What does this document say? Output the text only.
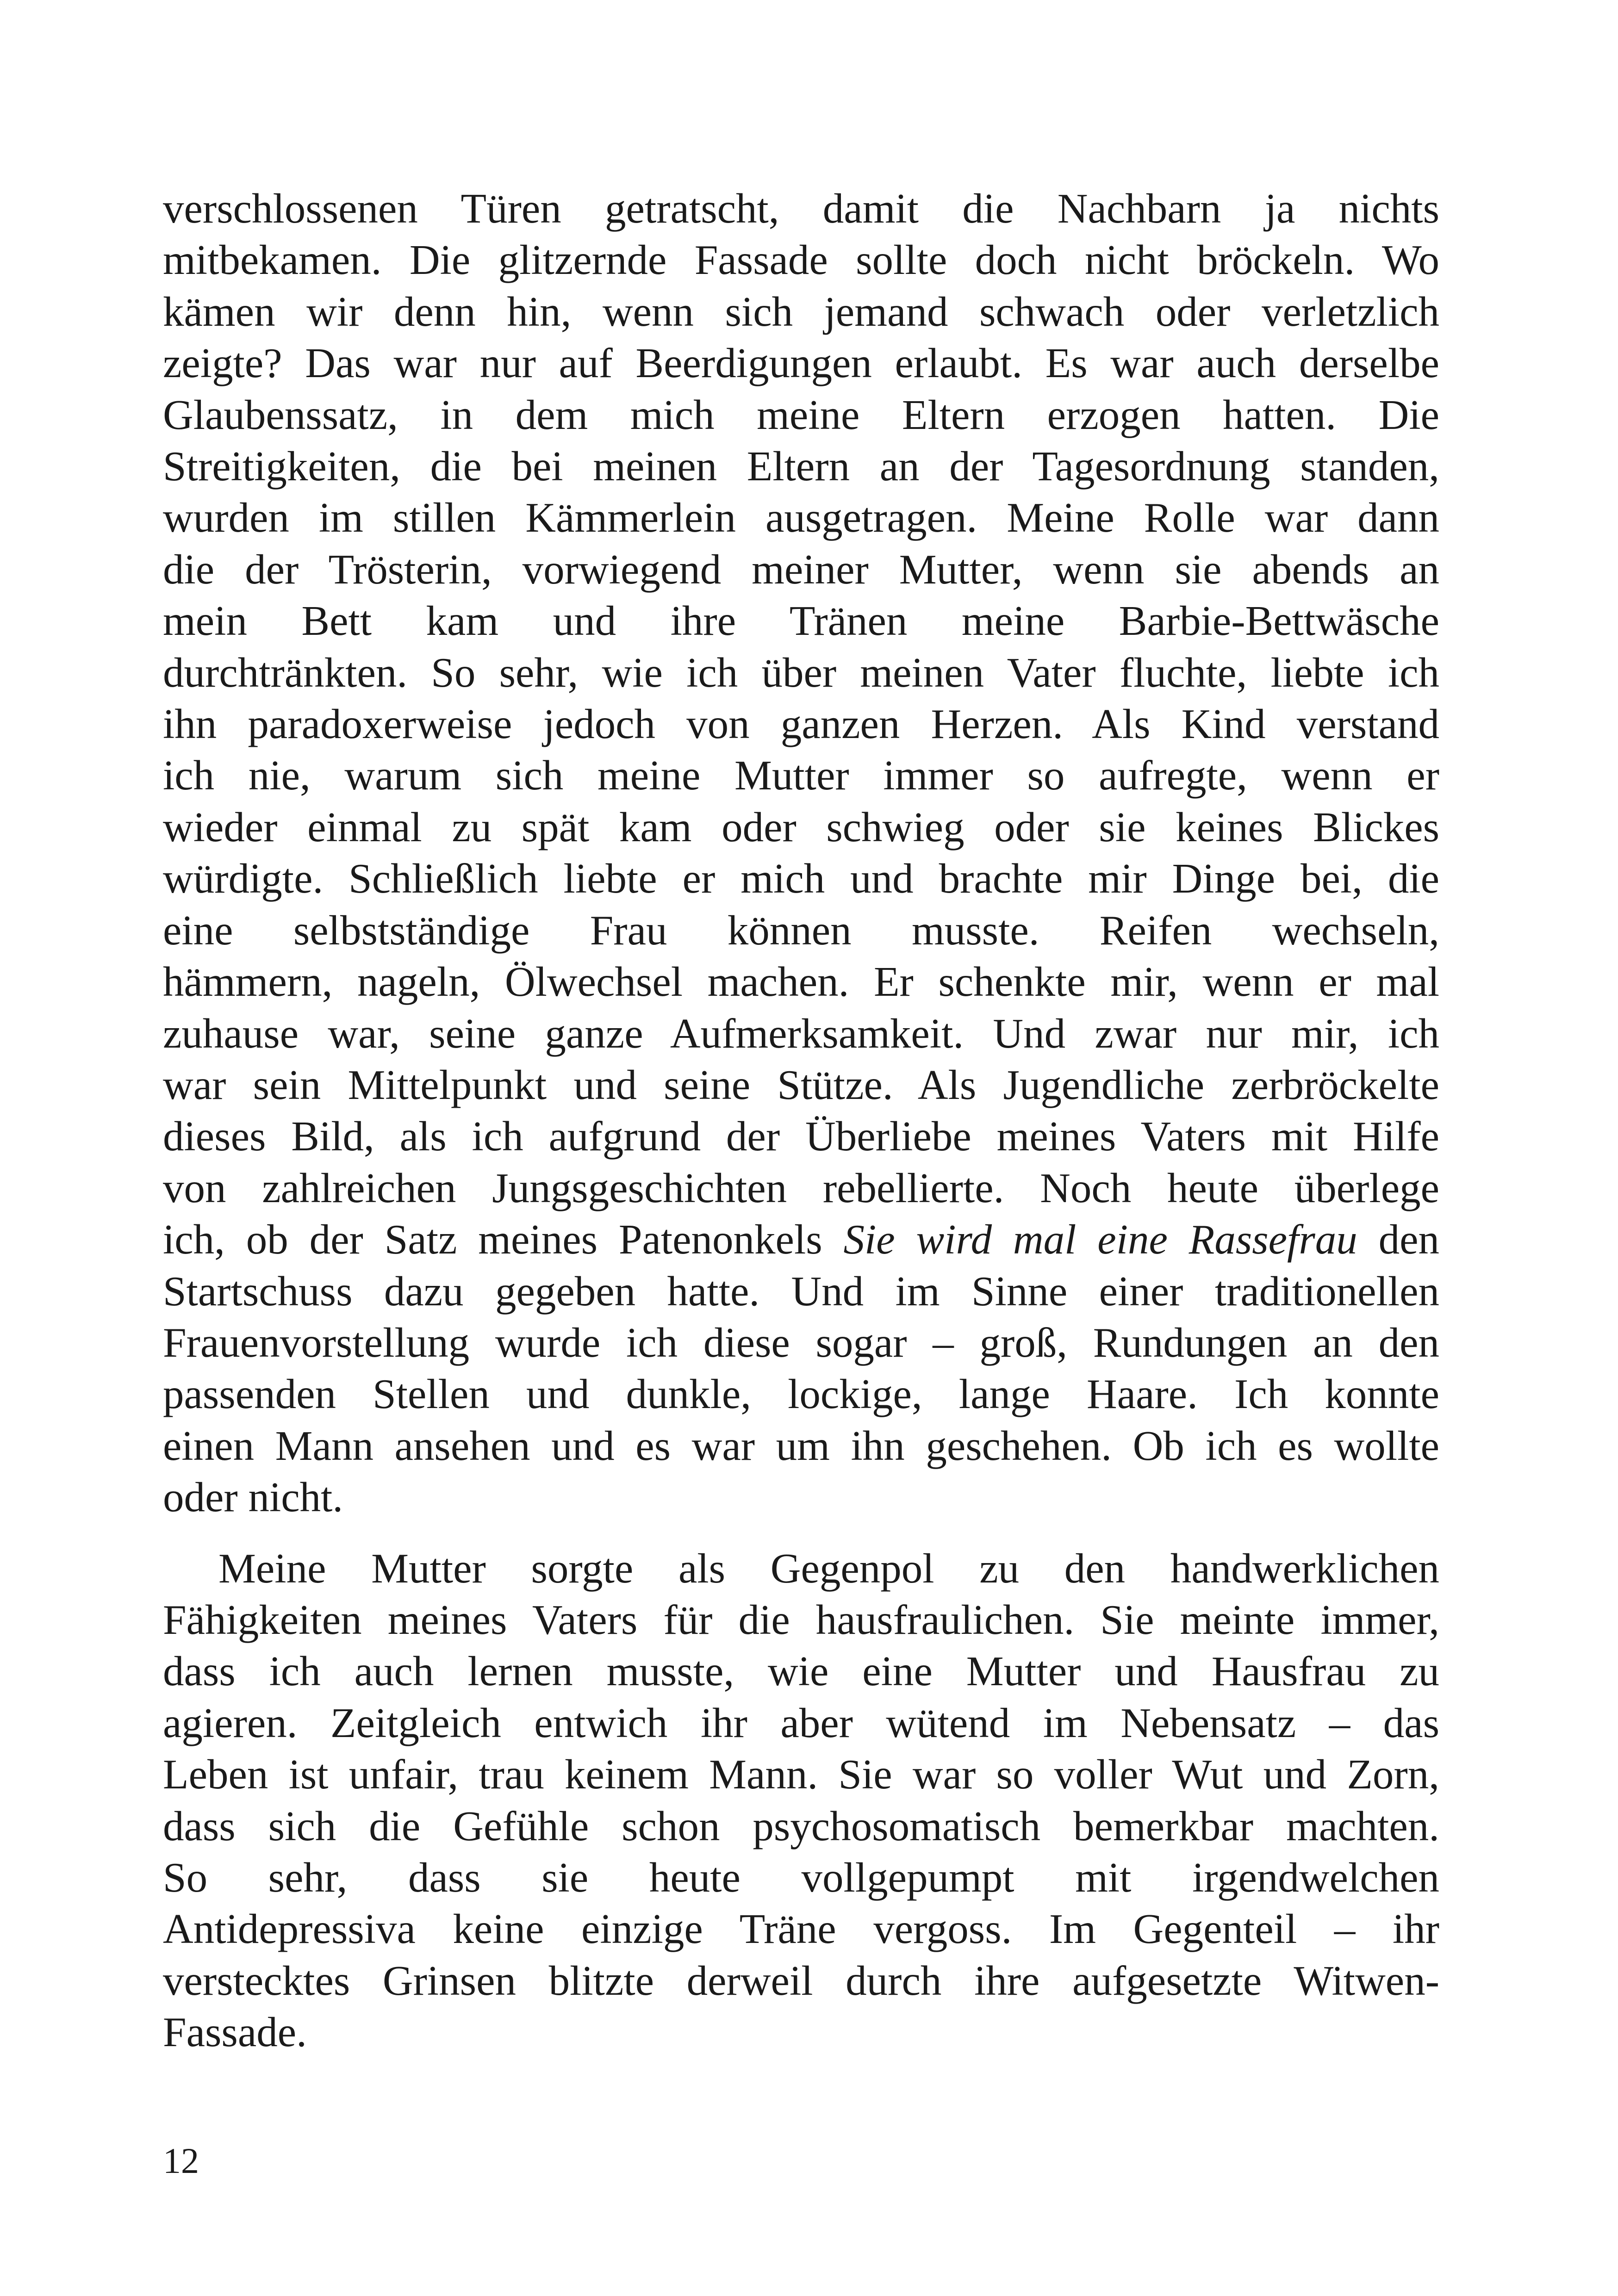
verschlossenen Türen getratscht, damit die Nachbarn ja nichts
mitbekamen. Die glitzernde Fassade sollte doch nicht bröckeln. Wo
kämen wir denn hin, wenn sich jemand schwach oder verletzlich
zeigte? Das war nur auf Beerdigungen erlaubt. Es war auch derselbe
Glaubenssatz, in dem mich meine Eltern erzogen hatten. Die
Streitigkeiten, die bei meinen Eltern an der Tagesordnung standen,
wurden im stillen Kämmerlein ausgetragen. Meine Rolle war dann
die der Trösterin, vorwiegend meiner Mutter, wenn sie abends an
mein Bett kam und ihre Tränen meine Barbie-Bettwäsche
durchtränkten. So sehr, wie ich über meinen Vater fluchte, liebte ich
ihn paradoxerweise jedoch von ganzen Herzen. Als Kind verstand
ich nie, warum sich meine Mutter immer so aufregte, wenn er
wieder einmal zu spät kam oder schwieg oder sie keines Blickes
würdigte. Schließlich liebte er mich und brachte mir Dinge bei, die
eine selbstständige Frau können musste. Reifen wechseln,
hämmern, nageln, Ölwechsel machen. Er schenkte mir, wenn er mal
zuhause war, seine ganze Aufmerksamkeit. Und zwar nur mir, ich
war sein Mittelpunkt und seine Stütze. Als Jugendliche zerbröckelte
dieses Bild, als ich aufgrund der Überliebe meines Vaters mit Hilfe
von zahlreichen Jungsgeschichten rebellierte. Noch heute überlege
ich, ob der Satz meines Patenonkels Sie wird mal eine Rassefrau den
Startschuss dazu gegeben hatte. Und im Sinne einer traditionellen
Frauenvorstellung wurde ich diese sogar – groß, Rundungen an den
passenden Stellen und dunkle, lockige, lange Haare. Ich konnte
einen Mann ansehen und es war um ihn geschehen. Ob ich es wollte
oder nicht.

Meine Mutter sorgte als Gegenpol zu den handwerklichen
Fähigkeiten meines Vaters für die hausfraulichen. Sie meinte immer,
dass ich auch lernen musste, wie eine Mutter und Hausfrau zu
agieren. Zeitgleich entwich ihr aber wütend im Nebensatz – das
Leben ist unfair, trau keinem Mann. Sie war so voller Wut und Zorn,
dass sich die Gefühle schon psychosomatisch bemerkbar machten.
So sehr, dass sie heute vollgepumpt mit irgendwelchen
Antidepressiva keine einzige Träne vergoss. Im Gegenteil – ihr
verstecktes Grinsen blitzte derweil durch ihre aufgesetzte Witwen-
Fassade.

12
